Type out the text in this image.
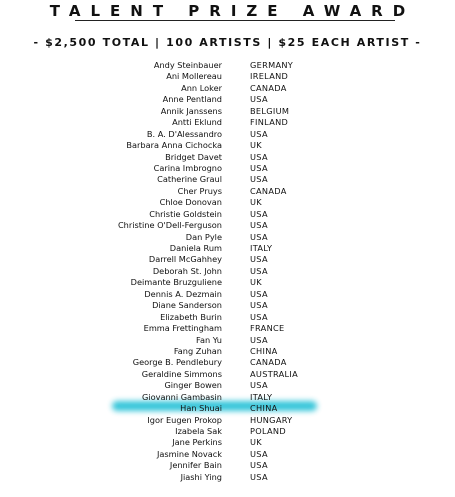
TALENT PRIZE AWARD
- $2,500 TOTAL | 100 ARTISTS | $25 EACH ARTIST -
Andy Steinbauer	GERMANY
Ani Mollereau	IRELAND
Ann Loker	CANADA
Anne Pentland	USA
Annik Janssens	BELGIUM
Antti Eklund	FINLAND
B. A. D'Alessandro	USA
Barbara Anna Cichocka	UK
Bridget Davet	USA
Carina Imbrogno	USA
Catherine Graul	USA
Cher Pruys	CANADA
Chloe Donovan	UK
Christie Goldstein	USA
Christine O'Dell-Ferguson	USA
Dan Pyle	USA
Daniela Rum	ITALY
Darrell McGahhey	USA
Deborah St. John	USA
Deimante Bruzguliene	UK
Dennis A. Dezmain	USA
Diane Sanderson	USA
Elizabeth Burin	USA
Emma Frettingham	FRANCE
Fan Yu	USA
Fang Zuhan	CHINA
George B. Pendlebury	CANADA
Geraldine Simmons	AUSTRALIA
Ginger Bowen	USA
Giovanni Gambasin	ITALY
Han Shuai	CHINA
Igor Eugen Prokop	HUNGARY
Izabela Sak	POLAND
Jane Perkins	UK
Jasmine Novack	USA
Jennifer Bain	USA
Jiashi Ying	USA
